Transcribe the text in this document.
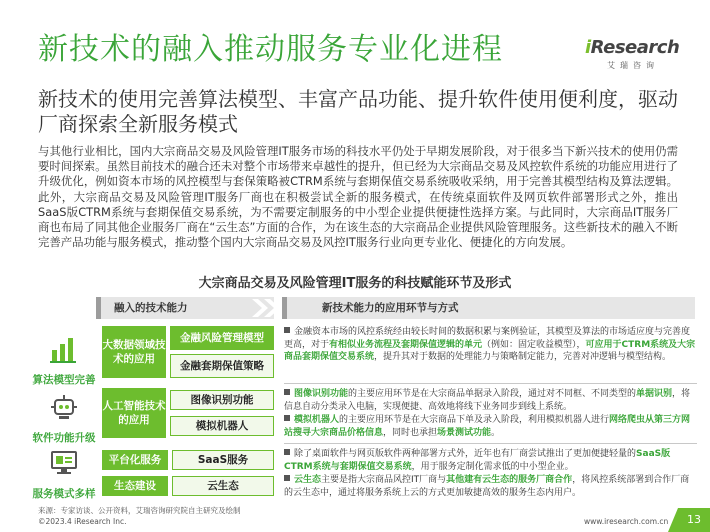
新技术的融入推动服务专业化进程	iResearch
艾瑞咨询
新技术的使用完善算法模型、丰富产品功能、提升软件使用便利度，驱动厂商探索全新服务模式
与其他行业相比，国内大宗商品交易及风险管理IT服务市场的科技水平仍处于早期发展阶段，对于很多当下新兴技术的使用仍需要时间探索。虽然目前技术的融合还未对整个市场带来卓越性的提升，但已经为大宗商品交易及风控软件系统的功能应用进行了升级优化，例如资本市场的风控模型与套保策略被CTRM系统与套期保值交易系统吸收采纳，用于完善其模型结构及算法逻辑。此外，大宗商品交易及风险管理IT服务厂商也在积极尝试全新的服务模式，在传统桌面软件及网页软件部署形式之外，推出SaaS版CTRM系统与套期保值交易系统，为不需要定制服务的中小型企业提供便捷性选择方案。与此同时，大宗商品IT服务厂商也布局了同其他企业服务厂商在“云生态”方面的合作，为在该生态的大宗商品企业提供风险管理服务。这些新技术的融入不断完善产品功能与服务模式，推动整个国内大宗商品交易及风控IT服务行业向更专业化、便捷化的方向发展。
大宗商品交易及风险管理IT服务的科技赋能环节及形式
融入的技术能力	新技术能力的应用环节与方式
算法模型完善
大数据领域技术的应用
金融风险管理模型
金融套期保值策略
金融资本市场的风控系统经由较长时间的数据积累与案例验证，其模型及算法的市场适应度与完善度更高，对于有相似业务流程及套期保值逻辑的单元（例如：固定收益模型），可应用于CTRM系统及大宗商品套期保值交易系统，提升其对于数据的处理能力与策略制定能力，完善对冲逻辑与模型结构。
软件功能升级
人工智能技术的应用
图像识别功能
模拟机器人
图像识别功能的主要应用环节是在大宗商品单据录入阶段，通过对不同框、不同类型的单据识别，将信息自动分类录入电脑，实现便捷、高效地将线下业务同步到线上系统。
模拟机器人的主要应用环节是在大宗商品下单及录入阶段，利用模拟机器人进行网络爬虫从第三方网站搜寻大宗商品价格信息，同时也承担场景测试功能。
服务模式多样
平台化服务	SaaS服务
生态建设	云生态
除了桌面软件与网页版软件两种部署方式外，近年也有厂商尝试推出了更加便捷轻量的SaaS版CTRM系统与套期保值交易系统，用于服务定制化需求低的中小型企业。
云生态主要是指大宗商品风控IT厂商与其他建有云生态的服务厂商合作，将风控系统部署到合作厂商的云生态中，通过将服务系统上云的方式更加敏捷高效的服务生态内用户。
来源：专家访谈、公开资料，艾瑞咨询研究院自主研究及绘制
©2023.4 iResearch Inc.	www.iresearch.com.cn	13
